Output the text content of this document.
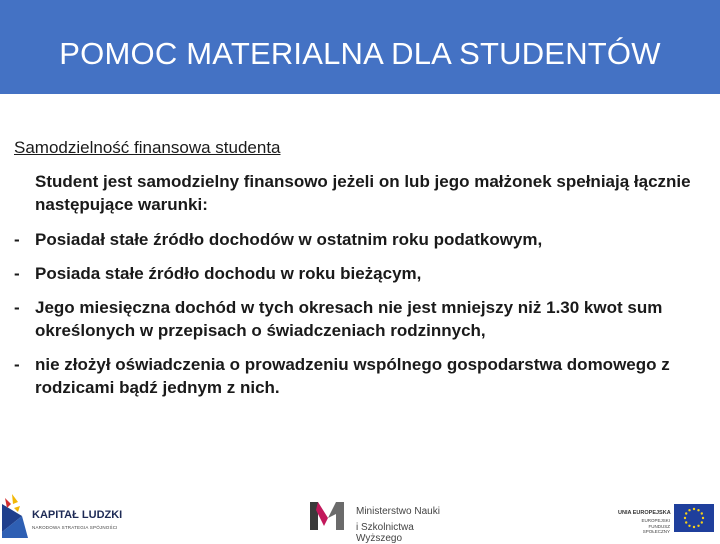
POMOC MATERIALNA DLA STUDENTÓW
Samodzielność finansowa studenta
Student jest samodzielny finansowo jeżeli on lub jego małżonek spełniają łącznie następujące warunki:
- Posiadał stałe źródło dochodów w ostatnim roku podatkowym,
- Posiada stałe źródło dochodu w roku bieżącym,
- Jego miesięczna dochód w tych okresach nie jest mniejszy niż 1.30 kwot sum określonych w przepisach o świadczeniach rodzinnych,
- nie złożył oświadczenia o prowadzeniu wspólnego gospodarstwa domowego z rodzicami bądź jednym z nich.
KAPITAŁ LUDZKI
NARODOWA STRATEGIA SPÓJNOŚCI
Ministerstwo Nauki
i Szkolnictwa Wyższego
UNIA EUROPEJSKA
EUROPEJSKI FUNDUSZ SPOŁECZNY
